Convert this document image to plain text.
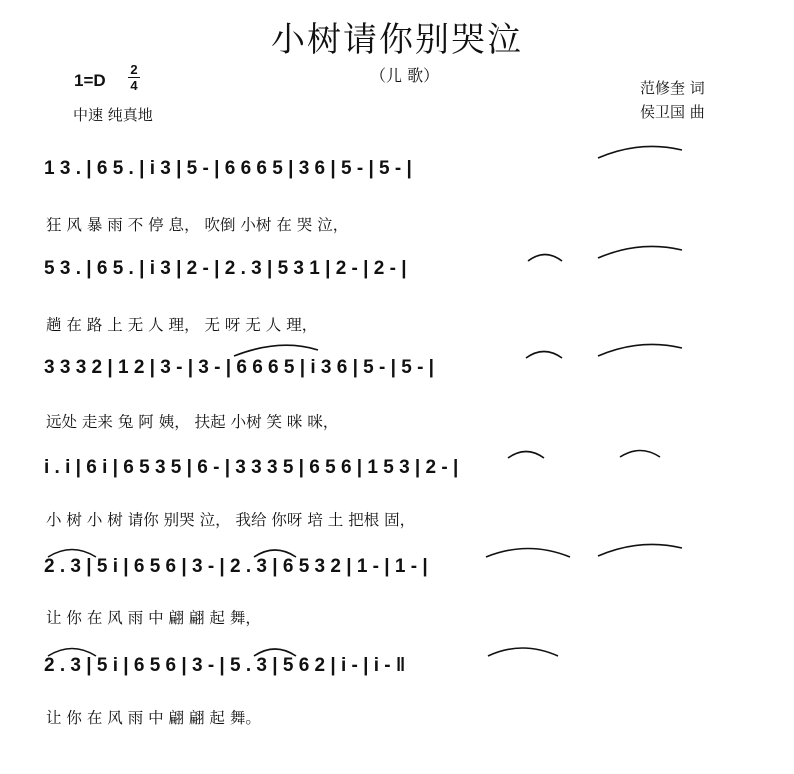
小树请你别哭泣
（儿 歌）
1=D
2
4
中速 纯真地
范修奎 词
侯卫国 曲
1 3 . | 6 5 . | i 3 | 5 - | 6 6 6 5 | 3 6 | 5 - | 5 - |
狂 风 暴 雨 不 停 息， 吹倒 小树 在 哭 泣，
5 3 . | 6 5 . | i 3 | 2 - | 2 . 3 | 5 3 1 | 2 - | 2 - |
趟 在 路 上 无 人 理， 无 呀 无 人 理，
3 3 3 2 | 1 2 | 3 - | 3 - | 6 6 6 5 | i 3 6 | 5 - | 5 - |
远处 走来 兔 阿 姨， 扶起 小树 笑 咪 咪，
i . i | 6 i | 6 5 3 5 | 6 - | 3 3 3 5 | 6 5 6 | 1 5 3 | 2 - |
小 树 小 树 请你 别哭 泣， 我给 你呀 培 土 把根 固，
2 . 3 | 5 i | 6 5 6 | 3 - | 2 . 3 | 6 5 3 2 | 1 - | 1 - |
让 你 在 风 雨 中 翩 翩 起 舞，
2 . 3 | 5 i | 6 5 6 | 3 - | 5 . 3 | 5 6 2 | i - | i - ‖
让 你 在 风 雨 中 翩 翩 起 舞。
